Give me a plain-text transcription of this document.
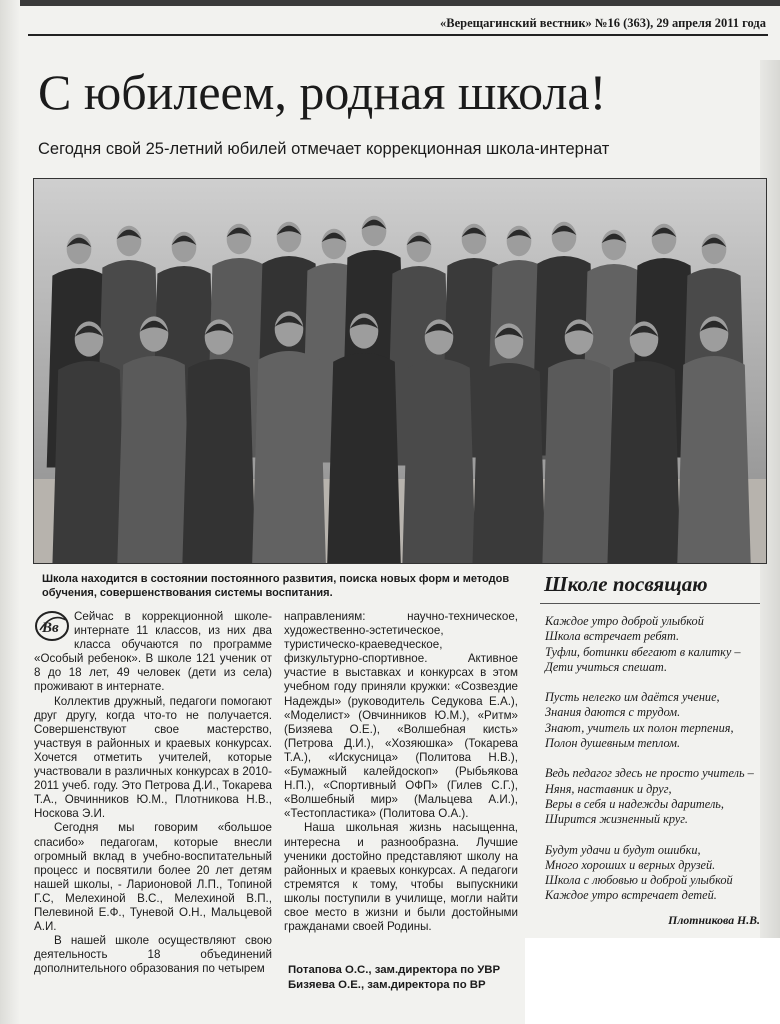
«Верещагинский вестник» №16 (363), 29 апреля 2011 года
С юбилеем, родная школа!
Сегодня свой 25-летний юбилей отмечает коррекционная школа-интернат
Школа находится в состоянии постоянного развития, поиска новых форм и методов обучения, совершенствования системы воспитания.
Вв

Сейчас в коррекционной школе-интернате 11 классов, из них два класса обучаются по программе «Особый ребенок». В школе 121 ученик от 8 до 18 лет, 49 человек (дети из села) проживают в интернате.

Коллектив дружный, педагоги помогают друг другу, когда что-то не получается. Совершенствуют свое мастерство, участвуя в районных и краевых конкурсах. Хочется отметить учителей, которые участвовали в различных конкурсах в 2010-2011 учеб. году. Это Петрова Д.И., Токарева Т.А., Овчинников Ю.М., Плотникова Н.В., Носкова Э.И.

Сегодня мы говорим «большое спасибо» педагогам, которые внесли огромный вклад в учебно-воспитательный процесс и посвятили более 20 лет детям нашей школы, - Ларионовой Л.П., Топиной Г.С, Мелехиной В.С., Мелехиной В.П., Пелевиной Е.Ф., Туневой О.Н., Мальцевой А.И.

В нашей школе осуществляют свою деятельность 18 объединений дополнительного образования по четырем

направлениям: научно-техническое, художественно-эстетическое, туристическо-краеведческое, физкультурно-спортивное. Активное участие в выставках и конкурсах в этом учебном году приняли кружки: «Созвездие Надежды» (руководитель Седукова Е.А.), «Моделист» (Овчинников Ю.М.), «Ритм» (Бизяева О.Е.), «Волшебная кисть» (Петрова Д.И.), «Хозяюшка» (Токарева Т.А.), «Искусница» (Политова Н.В.), «Бумажный калейдоскоп» (Рыбьякова Н.П.), «Спортивный ОФП» (Гилев С.Г.), «Волшебный мир» (Мальцева А.И.), «Тестопластика» (Политова О.А.).

Наша школьная жизнь насыщенна, интересна и разнообразна. Лучшие ученики достойно представляют школу на районных и краевых конкурсах. А педагоги стремятся к тому, чтобы выпускники школы поступили в училище, могли найти свое место в жизни и были достойными гражданами своей Родины.

Потапова О.С., зам.директора по УВР
Бизяева О.Е., зам.директора по ВР
Школе посвящаю
Каждое утро доброй улыбкой
Школа встречает ребят.
Туфли, ботинки вбегают в калитку –
Дети учиться спешат.
Пусть нелегко им даётся учение,
Знания даются с трудом.
Знают, учитель их полон терпения,
Полон душевным теплом.
Ведь педагог здесь не просто учитель –
Няня, наставник и друг,
Веры в себя и надежды даритель,
Ширится жизненный круг.
Будут удачи и будут ошибки,
Много хороших и верных друзей.
Школа с любовью и доброй улыбкой
Каждое утро встречает детей.
Плотникова Н.В.
